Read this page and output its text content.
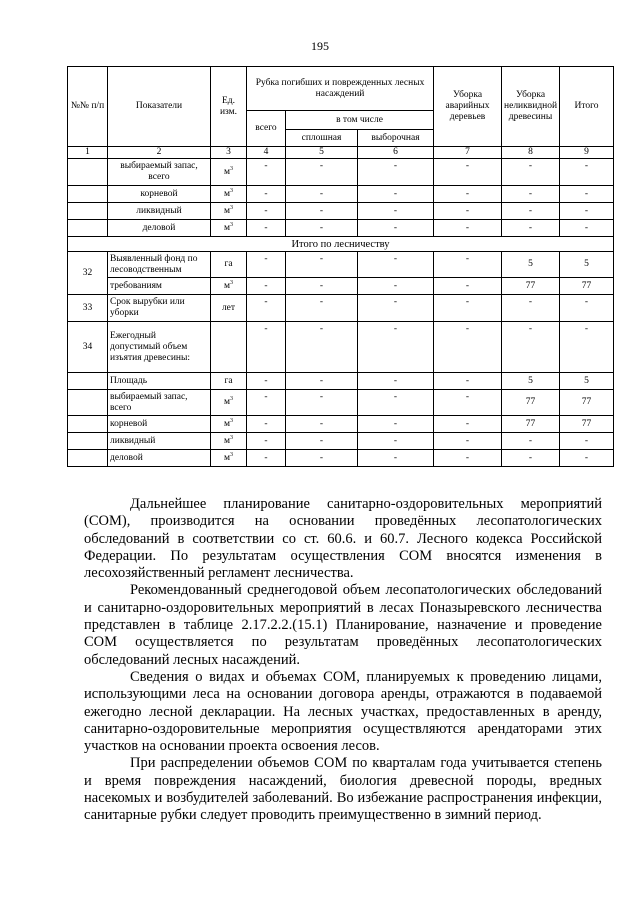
195
№№ п/п	Показатели	Ед. изм.	Рубка погибших и поврежденных лесных насаждений			Уборка аварийных деревьев	Уборка неликвидной древесины	Итого
			всего	в том числе				
				сплошная	выборочная			
1	2	3	4	5	6	7	8	9
	выбираемый запас, всего	$м^3$	-	-	-	-	-	-
	корневой	$м^3$	-	-	-	-	-	-
	ликвидный	$м^3$	-	-	-	-	-	-
	деловой	$м^3$	-	-	-	-	-	-
Итого по лесничеству								
32	Выявленный фонд по лесоводственным	га	-	-	-	-	5	5
	требованиям	$м^3$	-	-	-	-	77	77
33	Срок вырубки или уборки	лет	-	-	-	-	-	-
34	Ежегодный допустимый объем изъятия древесины:		-	-	-	-	-	-
	Площадь	га	-	-	-	-	5	5
	выбираемый запас, всего	$м^3$	-	-	-	-	77	77
	корневой	$м^3$	-	-	-	-	77	77
	ликвидный	$м^3$	-	-	-	-	-	-
	деловой	$м^3$	-	-	-	-	-	-

Дальнейшее планирование санитарно-оздоровительных мероприятий (СОМ), производится на основании проведённых лесопатологических обследований в соответствии со ст. 60.6. и 60.7. Лесного кодекса Российской Федерации. По результатам осуществления СОМ вносятся изменения в лесохозяйственный регламент лесничества.

Рекомендованный среднегодовой объем лесопатологических обследований и санитарно-оздоровительных мероприятий в лесах Поназыревского лесничества представлен в таблице 2.17.2.2.(15.1) Планирование, назначение и проведение СОМ осуществляется по результатам проведённых лесопатологических обследований лесных насаждений.

Сведения о видах и объемах СОМ, планируемых к проведению лицами, использующими леса на основании договора аренды, отражаются в подаваемой ежегодно лесной декларации. На лесных участках, предоставленных в аренду, санитарно-оздоровительные мероприятия осуществляются арендаторами этих участков на основании проекта освоения лесов.

При распределении объемов СОМ по кварталам года учитывается степень и время повреждения насаждений, биология древесной породы, вредных насекомых и возбудителей заболеваний. Во избежание распространения инфекции, санитарные рубки следует проводить преимущественно в зимний период.
